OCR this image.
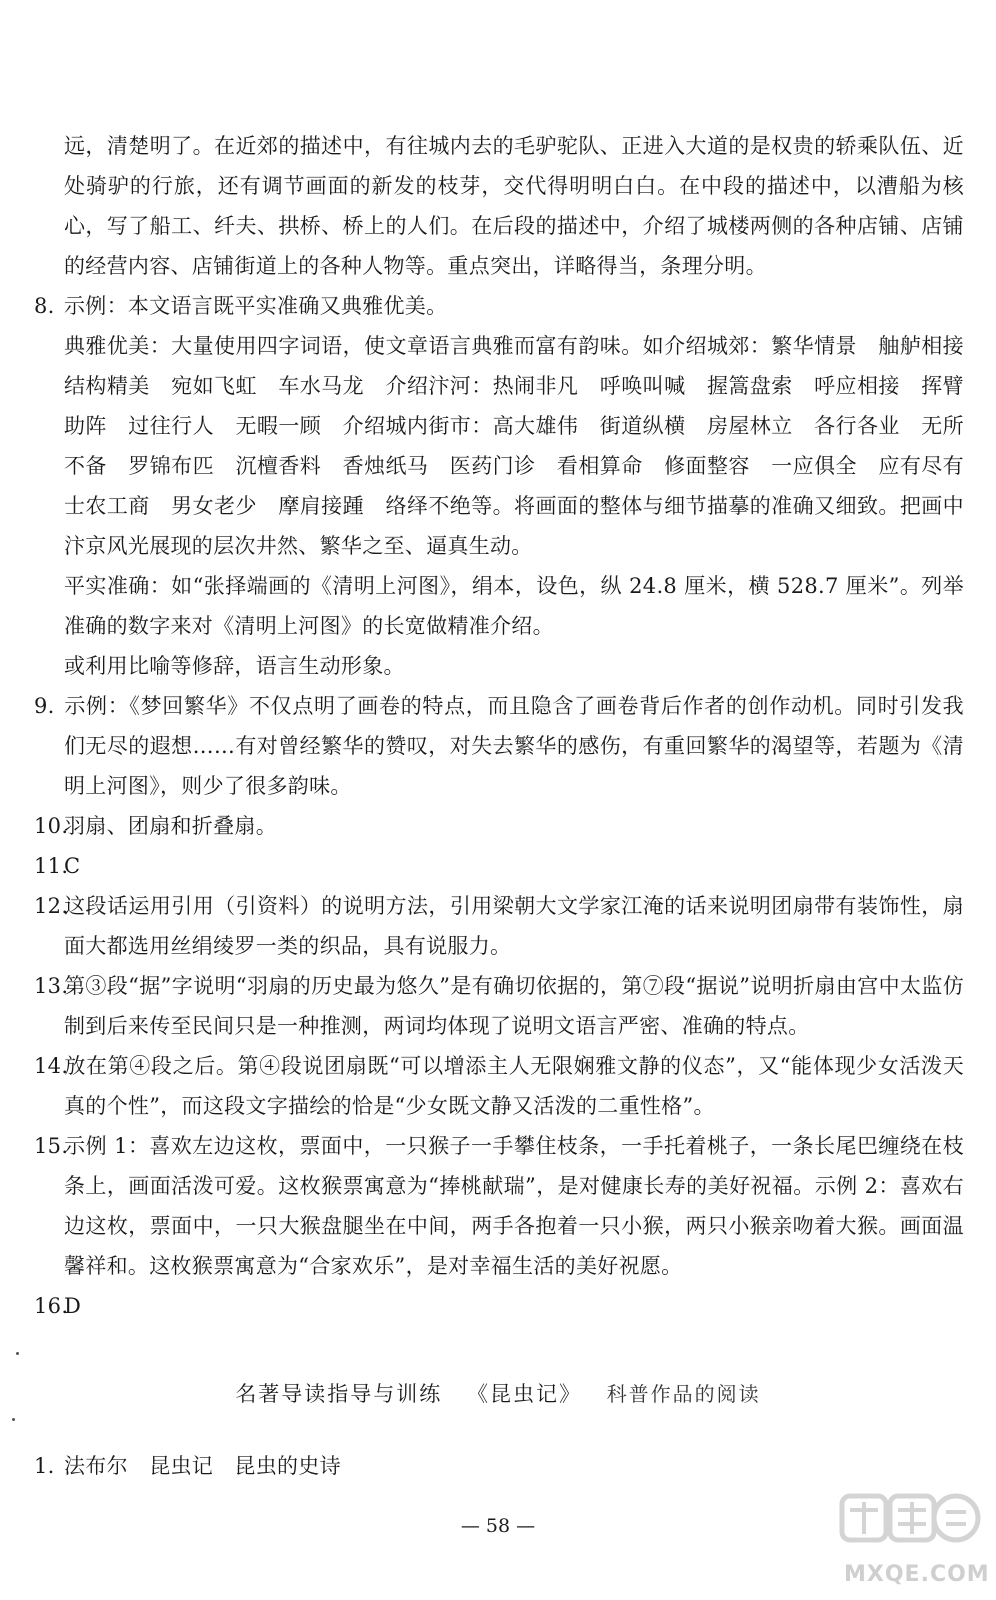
远，清楚明了。在近郊的描述中，有往城内去的毛驴驼队、正进入大道的是权贵的轿乘队伍、近处骑驴的行旅，还有调节画面的新发的枝芽，交代得明明白白。在中段的描述中，以漕船为核心，写了船工、纤夫、拱桥、桥上的人们。在后段的描述中，介绍了城楼两侧的各种店铺、店铺的经营内容、店铺街道上的各种人物等。重点突出，详略得当，条理分明。

8. 示例：本文语言既平实准确又典雅优美。

典雅优美：大量使用四字词语，使文章语言典雅而富有韵味。如介绍城郊：繁华情景　舳舻相接　结构精美　宛如飞虹　车水马龙　介绍汴河：热闹非凡　呼唤叫喊　握篙盘索　呼应相接　挥臂助阵　过往行人　无暇一顾　介绍城内街市：高大雄伟　街道纵横　房屋林立　各行各业　无所不备　罗锦布匹　沉檀香料　香烛纸马　医药门诊　看相算命　修面整容　一应俱全　应有尽有　士农工商　男女老少　摩肩接踵　络绎不绝等。将画面的整体与细节描摹的准确又细致。把画中汴京风光展现的层次井然、繁华之至、逼真生动。

平实准确：如“张择端画的《清明上河图》，绢本，设色，纵 24.8 厘米，横 528.7 厘米”。列举准确的数字来对《清明上河图》的长宽做精准介绍。

或利用比喻等修辞，语言生动形象。

9. 示例：《梦回繁华》不仅点明了画卷的特点，而且隐含了画卷背后作者的创作动机。同时引发我们无尽的遐想……有对曾经繁华的赞叹，对失去繁华的感伤，有重回繁华的渴望等，若题为《清明上河图》，则少了很多韵味。

10.羽扇、团扇和折叠扇。

11.C

12.这段话运用引用（引资料）的说明方法，引用梁朝大文学家江淹的话来说明团扇带有装饰性，扇面大都选用丝绢绫罗一类的织品，具有说服力。

13.第③段“据”字说明“羽扇的历史最为悠久”是有确切依据的，第⑦段“据说”说明折扇由宫中太监仿制到后来传至民间只是一种推测，两词均体现了说明文语言严密、准确的特点。

14.放在第④段之后。第④段说团扇既“可以增添主人无限娴雅文静的仪态”，又“能体现少女活泼天真的个性”，而这段文字描绘的恰是“少女既文静又活泼的二重性格”。

15.示例 1：喜欢左边这枚，票面中，一只猴子一手攀住枝条，一手托着桃子，一条长尾巴缠绕在枝条上，画面活泼可爱。这枚猴票寓意为“捧桃献瑞”，是对健康长寿的美好祝福。示例 2：喜欢右边这枚，票面中，一只大猴盘腿坐在中间，两手各抱着一只小猴，两只小猴亲吻着大猴。画面温馨祥和。这枚猴票寓意为“合家欢乐”，是对幸福生活的美好祝愿。

16.D

名著导读指导与训练 《昆虫记》 科普作品的阅读

1. 法布尔　昆虫记　昆虫的史诗

— 58 —
MXQE.COM
